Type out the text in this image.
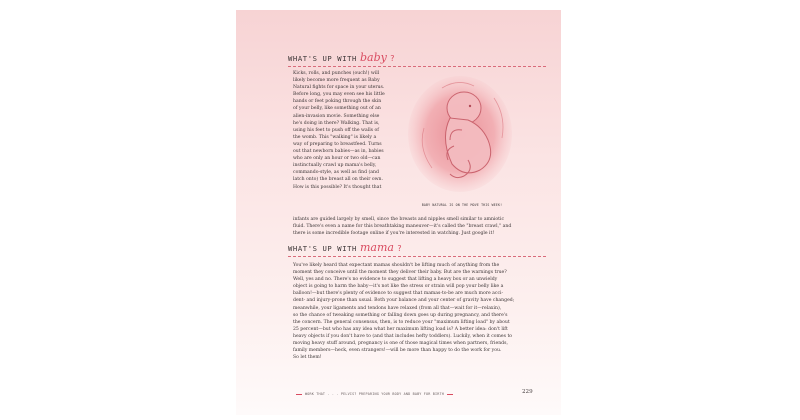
WHAT'S UP WITH baby ?

Kicks, rolls, and punches (ouch!) will
likely become more frequent as Baby
Natural fights for space in your uterus.
Before long, you may even see his little
hands or feet poking through the skin
of your belly, like something out of an
alien-invasion movie. Something else
he's doing in there? Walking. That is,
using his feet to push off the walls of
the womb. This "walking" is likely a
way of preparing to breastfeed. Turns
out that newborn babies—as in, babies
who are only an hour or two old—can
instinctually crawl up mama's belly,
commando-style, as well as find (and
latch onto) the breast all on their own.
How is this possible? It's thought that

BABY NATURAL IS ON THE MOVE THIS WEEK!

infants are guided largely by smell, since the breasts and nipples smell similar to amniotic
fluid. There's even a name for this breathtaking maneuver—it's called the "breast crawl," and
there is some incredible footage online if you're interested in watching. Just google it!

WHAT'S UP WITH mama ?

You've likely heard that expectant mamas shouldn't be lifting much of anything from the
moment they conceive until the moment they deliver their baby. But are the warnings true?
Well, yes and no. There's no evidence to suggest that lifting a heavy box or an unwieldy
object is going to harm the baby—it's not like the stress or strain will pop your belly like a
balloon!—but there's plenty of evidence to suggest that mamas-to-be are much more acci-
dent- and injury-prone than usual. Both your balance and your center of gravity have changed;
meanwhile, your ligaments and tendons have relaxed (from all that—wait for it—relaxin),
so the chance of tweaking something or falling down goes up during pregnancy, and there's
the concern. The general consensus, then, is to reduce your "maximum lifting load" by about
25 percent—but who has any idea what her maximum lifting load is? A better idea: don't lift
heavy objects if you don't have to (and that includes hefty toddlers). Luckily, when it comes to
moving heavy stuff around, pregnancy is one of those magical times when partners, friends,
family members—heck, even strangers!—will be more than happy to do the work for you.
So let them!

WORK THAT . . . PELVIS? PREPARING YOUR BODY AND BABY FOR BIRTH	229
